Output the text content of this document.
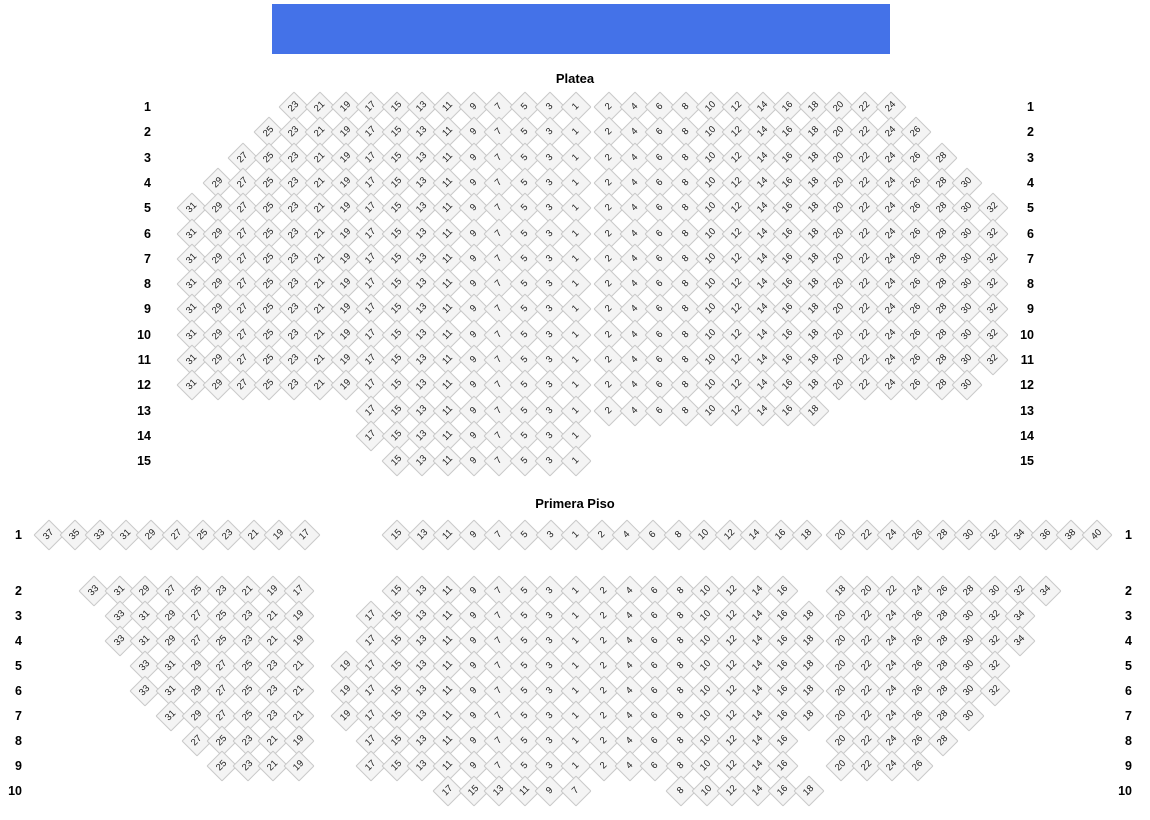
Platea
Primera Piso
23 21 19 17 15 13 11 9 7 5 3 1
25 23 21 19 17 15 13 11 9 7 5 3 1
27 25 23 21 19 17 15 13 11 9 7 5 3 1
29 27 25 23 21 19 17 15 13 11 9 7 5 3 1
31 29 27 25 23 21 19 17 15 13 11 9 7 5 3 1
31 29 27 25 23 21 19 17 15 13 11 9 7 5 3 1
31 29 27 25 23 21 19 17 15 13 11 9 7 5 3 1
31 29 27 25 23 21 19 17 15 13 11 9 7 5 3 1
31 29 27 25 23 21 19 17 15 13 11 9 7 5 3 1
31 29 27 25 23 21 19 17 15 13 11 9 7 5 3 1
31 29 27 25 23 21 19 17 15 13 11 9 7 5 3 1
31 29 27 25 23 21 19 17 15 13 11 9 7 5 3 1
17 15 13 11 9 7 5 3 1
17 15 13 11 9 7 5 3 1
15 13 11 9 7 5 3 1
2 4 6 8 10 12 14 16 18 20 22 24
2 4 6 8 10 12 14 16 18 20 22 24 26
2 4 6 8 10 12 14 16 18 20 22 24 26 28
2 4 6 8 10 12 14 16 18 20 22 24 26 28 30
2 4 6 8 10 12 14 16 18 20 22 24 26 28 30 32
2 4 6 8 10 12 14 16 18 20 22 24 26 28 30 32
2 4 6 8 10 12 14 16 18 20 22 24 26 28 30 32
2 4 6 8 10 12 14 16 18 20 22 24 26 28 30 32
2 4 6 8 10 12 14 16 18 20 22 24 26 28 30 32
2 4 6 8 10 12 14 16 18 20 22 24 26 28 30 32
2 4 6 8 10 12 14 16 18 20 22 24 26 28 30 32
2 4 6 8 10 12 14 16 18 20 22 24 26 28 30
2 4 6 8 10 12 14 16 18
1
2
3
4
5
6
7
8
9
10
11
12
13
14
15
1
2
3
4
5
6
7
8
9
10
11
12
13
14
15
37 35 33 31 29 27 25 23 21 19 17	15 13 11 9 7 5 3 1 2 4 6 8 10 12 14 16 18 20 22 24 26 28 30 32 34 36 38 40
33 31 29 27 25 23 21 19 17
33 31 29 27 25 23 21 19
33 31 29 27 25 23 21 19
33 31 29 27 25 23 21
33 31 29 27 25 23 21
31 29 27 25 23 21
27 25 23 21 19
25 23 21 19
15 13 11 9 7 5 3 1
17 15 13 11 9 7 5 3 1
17 15 13 11 9 7 5 3 1
19 17 15 13 11 9 7 5 3 1
19 17 15 13 11 9 7 5 3 1
19 17 15 13 11 9 7 5 3 1
17 15 13 11 9 7 5 3 1
17 15 13 11 9 7 5 3 1
17 15 13 11 9 7
2 4 6 8 10 12 14 16
2 4 6 8 10 12 14 16 18
2 4 6 8 10 12 14 16 18
2 4 6 8 10 12 14 16 18
2 4 6 8 10 12 14 16 18
2 4 6 8 10 12 14 16 18
2 4 6 8 10 12 14 16
2 4 6 8 10 12 14 16
8 10 12 14 16 18
18 20 22 24 26 28 30 32 34
20 22 24 26 28 30 32 34
20 22 24 26 28 30 32 34
20 22 24 26 28 30 32
20 22 24 26 28 30 32
20 22 24 26 28 30
20 22 24 26 28
20 22 24 26
1
2
3
4
5
6
7
8
9
10
1
2
3
4
5
6
7
8
9
10
